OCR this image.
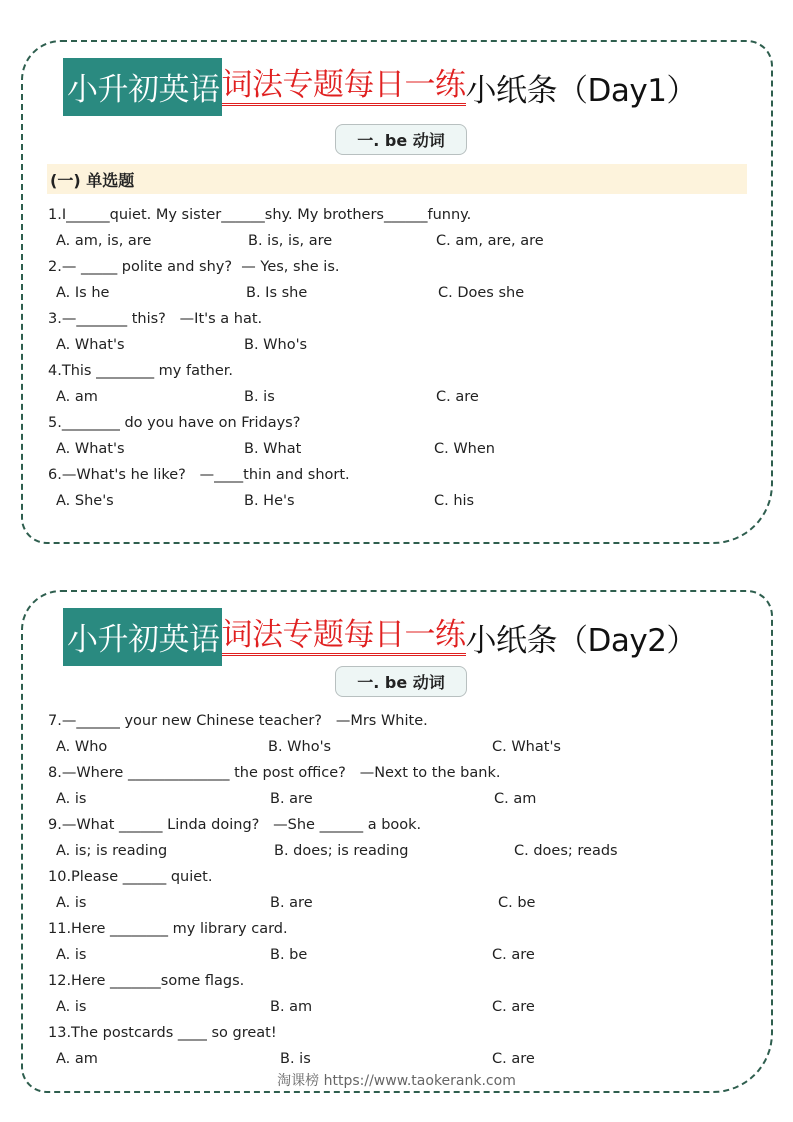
小升初英语 词法专题每日一练 小纸条（Day1）
一. be 动词
(一) 单选题
1.I______quiet. My sister______shy. My brothers______funny.
A. am, is, are	B. is, is, are	C. am, are, are
2.— _____ polite and shy?  — Yes, she is.
A. Is he	B. Is she	C. Does she
3.—_______ this?   —It's a hat.
A. What's	B. Who's
4.This ________ my father.
A. am	B. is	C. are
5.________ do you have on Fridays?
A. What's	B. What	C. When
6.—What's he like?   —____thin and short.
A. She's	B. He's	C. his
小升初英语 词法专题每日一练 小纸条（Day2）
一. be 动词
7.—______ your new Chinese teacher?   —Mrs White.
A. Who	B. Who's	C. What's
8.—Where ______________ the post office?   —Next to the bank.
A. is	B. are	C. am
9.—What ______ Linda doing?   —She ______ a book.
A. is; is reading	B. does; is reading	C. does; reads
10.Please ______ quiet.
A. is	B. are	C. be
11.Here ________ my library card.
A. is	B. be	C. are
12.Here _______some flags.
A. is	B. am	C. are
13.The postcards ____ so great!
A. am	B. is	C. are
淘课榜 https://www.taokerank.com
